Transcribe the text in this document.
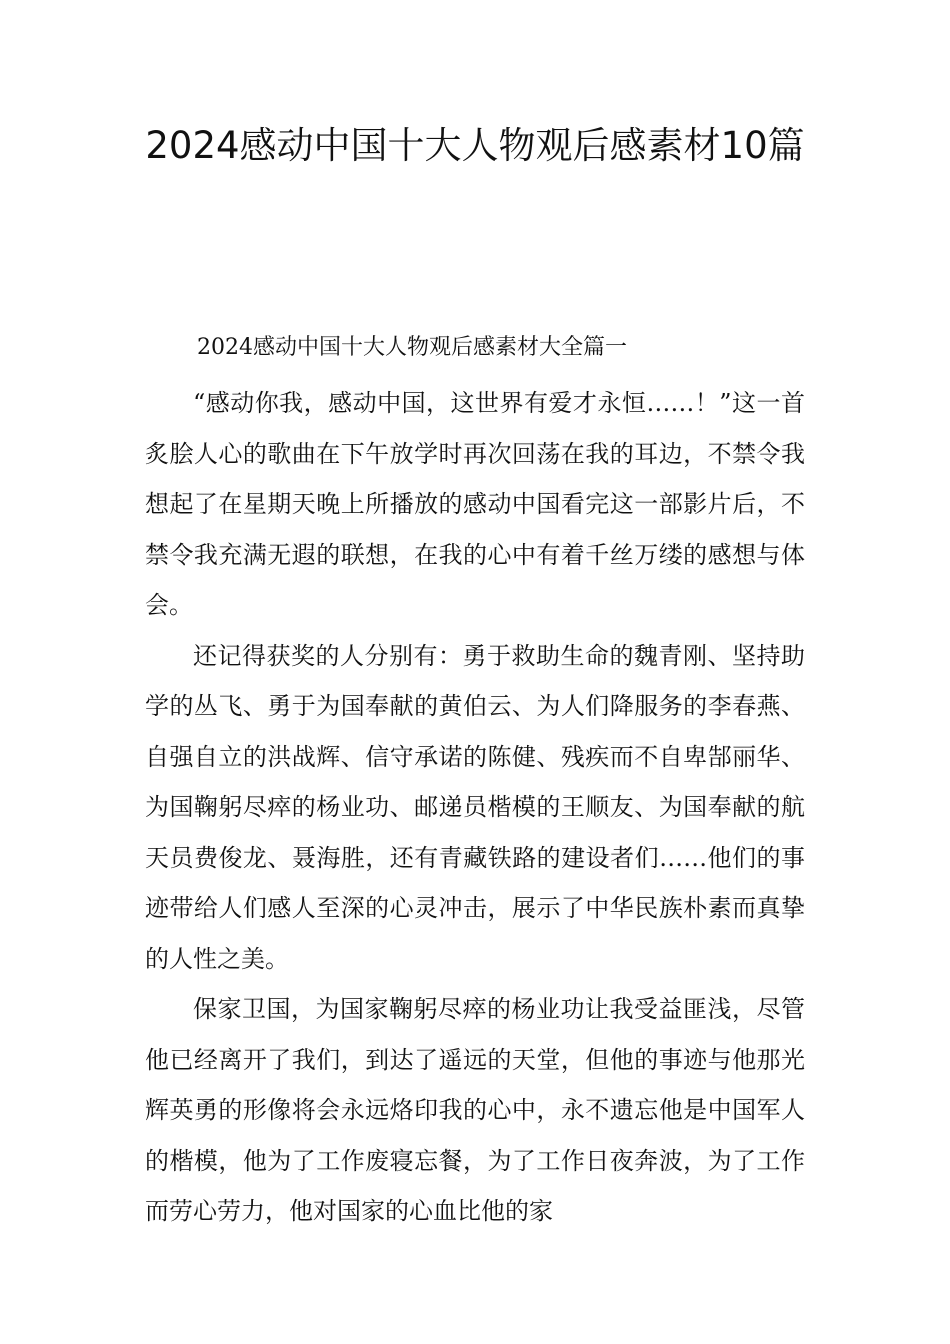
2024感动中国十大人物观后感素材10篇

2024感动中国十大人物观后感素材大全篇一

“感动你我，感动中国，这世界有爱才永恒……！”这一首炙脍人心的歌曲在下午放学时再次回荡在我的耳边，不禁令我想起了在星期天晚上所播放的感动中国看完这一部影片后，不禁令我充满无遐的联想，在我的心中有着千丝万缕的感想与体会。

还记得获奖的人分别有：勇于救助生命的魏青刚、坚持助学的丛飞、勇于为国奉献的黄伯云、为人们降服务的李春燕、自强自立的洪战辉、信守承诺的陈健、残疾而不自卑郜丽华、为国鞠躬尽瘁的杨业功、邮递员楷模的王顺友、为国奉献的航天员费俊龙、聂海胜，还有青藏铁路的建设者们……他们的事迹带给人们感人至深的心灵冲击，展示了中华民族朴素而真挚的人性之美。

保家卫国，为国家鞠躬尽瘁的杨业功让我受益匪浅，尽管他已经离开了我们，到达了遥远的天堂，但他的事迹与他那光辉英勇的形像将会永远烙印我的心中，永不遗忘他是中国军人的楷模，他为了工作废寝忘餐，为了工作日夜奔波，为了工作而劳心劳力，他对国家的心血比他的家
